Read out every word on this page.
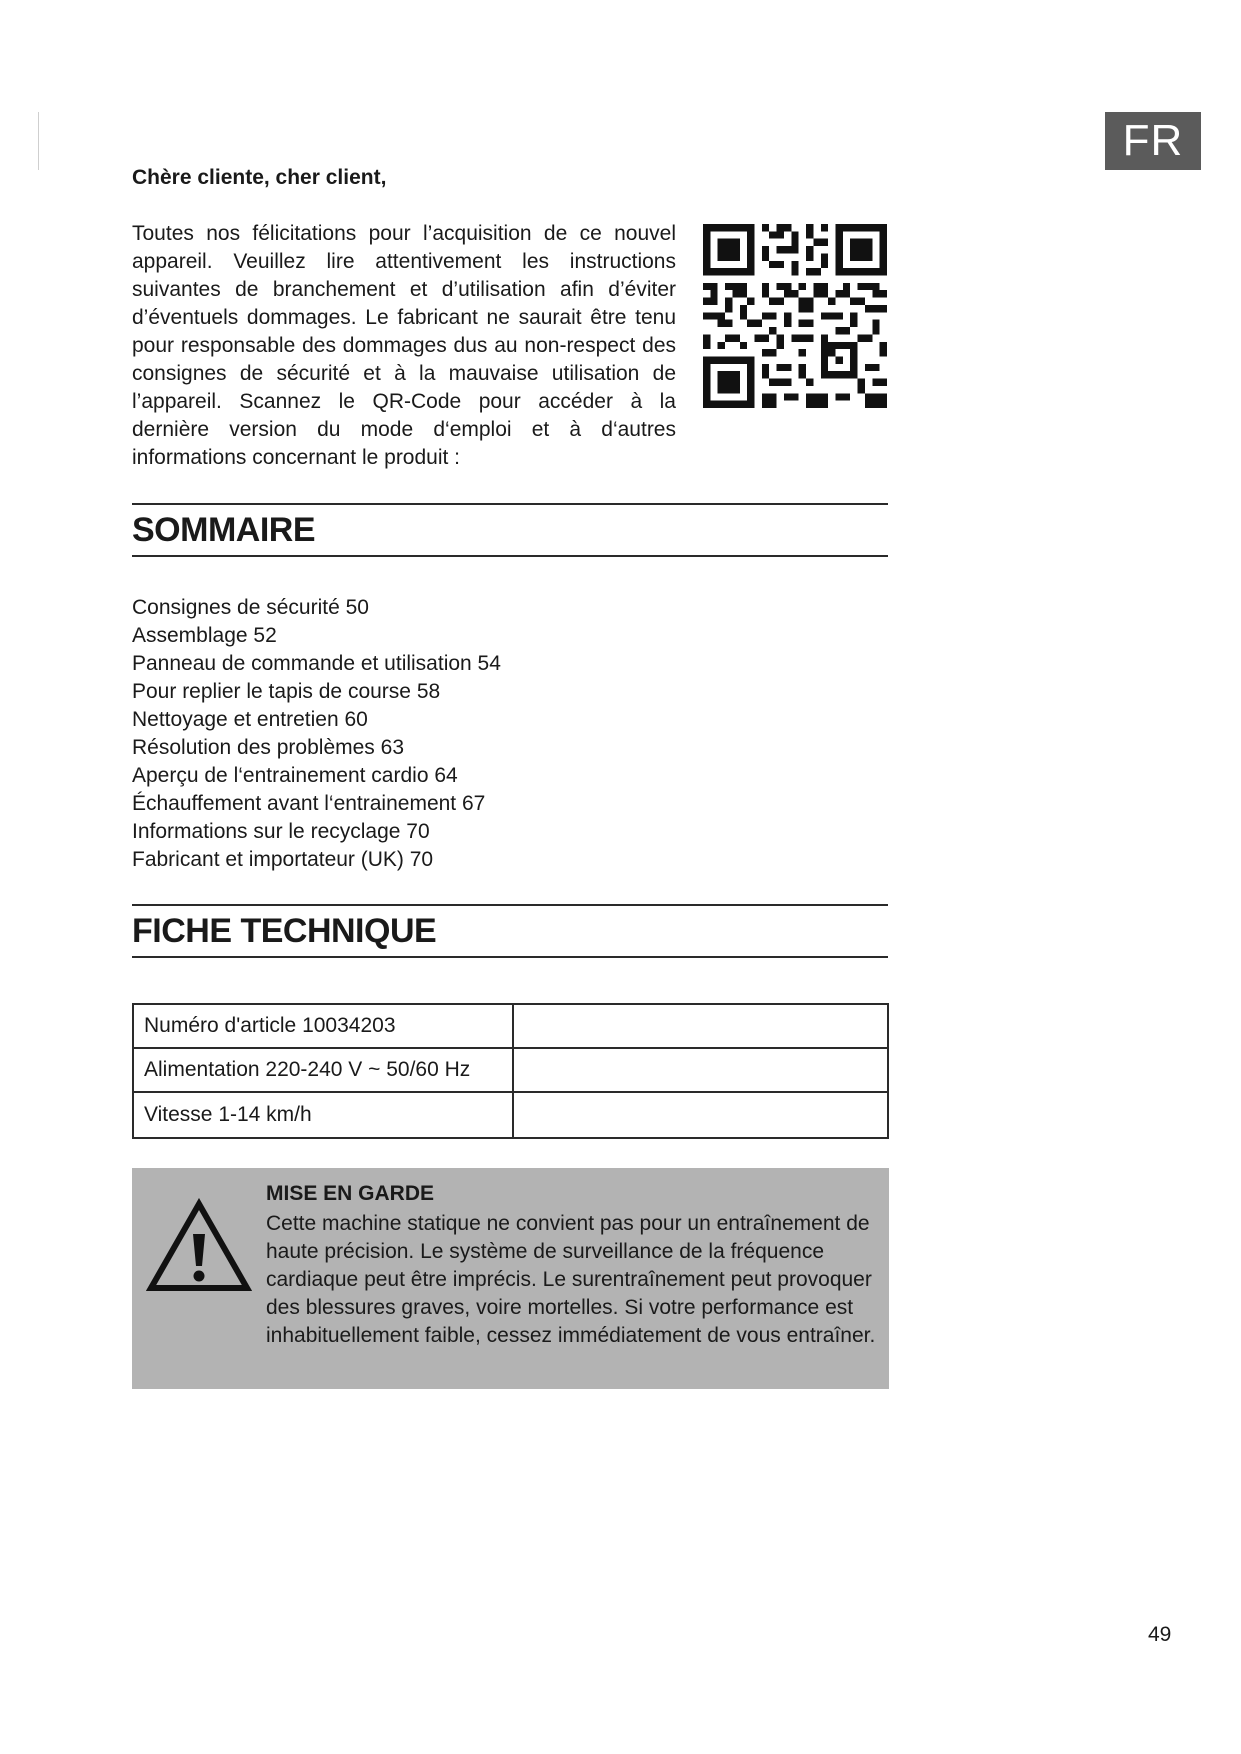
FR
Chère cliente, cher client,
Toutes nos félicitations pour l’acquisition de ce nouvel appareil. Veuillez lire attentivement les instructions suivantes de branchement et d’utilisation afin d’éviter d’éventuels dommages. Le fabricant ne saurait être tenu pour responsable des dommages dus au non-respect des consignes de sécurité et à la mauvaise utilisation de l’appareil. Scannez le QR-Code pour accéder à la dernière version du mode d‘emploi et à d‘autres informations concernant le produit :
SOMMAIRE
Consignes de sécurité 50
Assemblage 52
Panneau de commande et utilisation 54
Pour replier le tapis de course 58
Nettoyage et entretien 60
Résolution des problèmes 63
Aperçu de l‘entrainement cardio 64
Échauffement avant l‘entrainement 67
Informations sur le recyclage 70
Fabricant et importateur (UK) 70
FICHE TECHNIQUE
Numéro d'article 10034203	
Alimentation 220-240 V ~ 50/60 Hz	
Vitesse 1-14 km/h	
MISE EN GARDE
Cette machine statique ne convient pas pour un entraînement de haute précision. Le système de surveillance de la fréquence cardiaque peut être imprécis. Le surentraînement peut provoquer des blessures graves, voire mortelles. Si votre performance est inhabituellement faible, cessez immédiatement de vous entraîner.
49
